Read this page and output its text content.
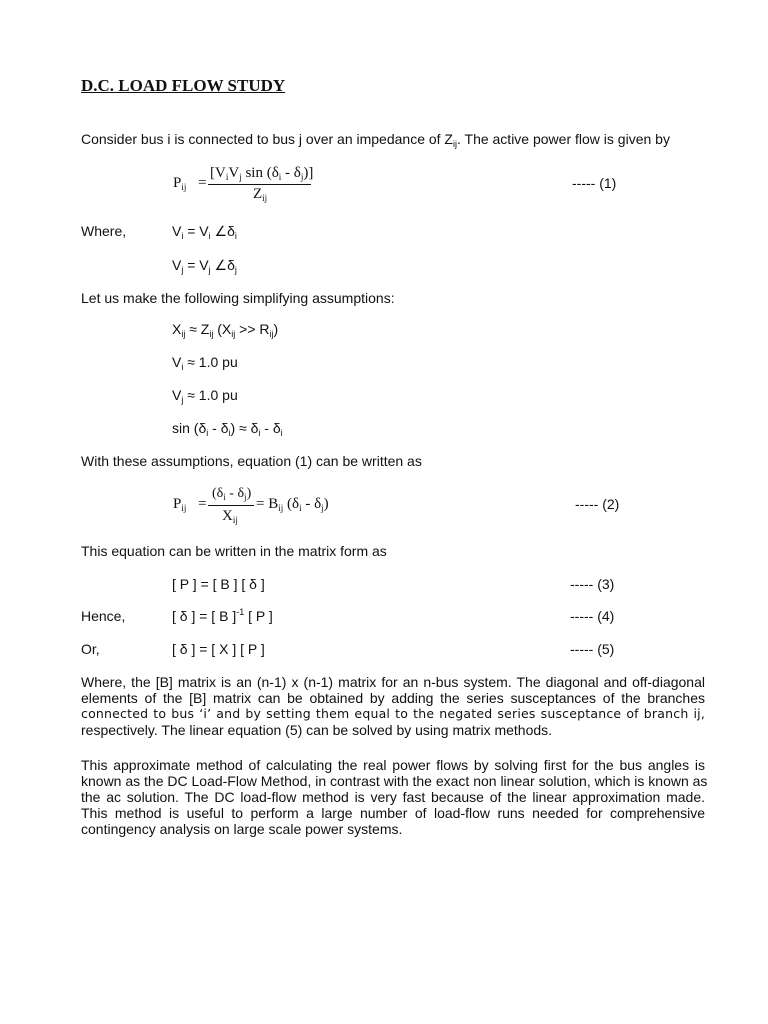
D.C. LOAD FLOW STUDY
Consider bus i is connected to bus j over an impedance of $Z_{ij}$. The active power flow is given by
$P_{ij}$ =
[$V_iV_j$ $\sin (\delta_i - \delta_j)$]
$Z_{ij}$
----- (1)
Where,	$V_i = V_i$ $\angle\delta_i$
$V_j = V_j$ $\angle\delta_j$
Let us make the following simplifying assumptions:
$X_{ij} \approx Z_{ij}$ $(X_{ij} >> R_{ij})$
$V_i \approx 1.0$ pu
$V_j \approx 1.0$ pu
$\sin (\delta_i - \delta_i) \approx \delta_i - \delta_i$
With these assumptions, equation (1) can be written as
$P_{ij}$ =
$(\delta_i - \delta_j)$
$X_{ij}$
= $B_{ij}$ $(\delta_i - \delta_j)$	----- (2)
This equation can be written in the matrix form as
[ P ] = [ B ] [ δ ]	----- (3)
Hence,	[ δ ] = [ B ]$^{-1}$ [ P ]	----- (4)
Or,	[ δ ] = [ X ] [ P ]	----- (5)
Where, the [B] matrix is an (n-1) x (n-1) matrix for an n-bus system. The diagonal and off-diagonal
elements of the [B] matrix can be obtained by adding the series susceptances of the branches
connected to bus ‘i’ and by setting them equal to the negated series susceptance of branch ij,
respectively. The linear equation (5) can be solved by using matrix methods.
This approximate method of calculating the real power flows by solving first for the bus angles is
known as the DC Load-Flow Method, in contrast with the exact non linear solution, which is known as
the ac solution. The DC load-flow method is very fast because of the linear approximation made.
This method is useful to perform a large number of load-flow runs needed for comprehensive
contingency analysis on large scale power systems.
